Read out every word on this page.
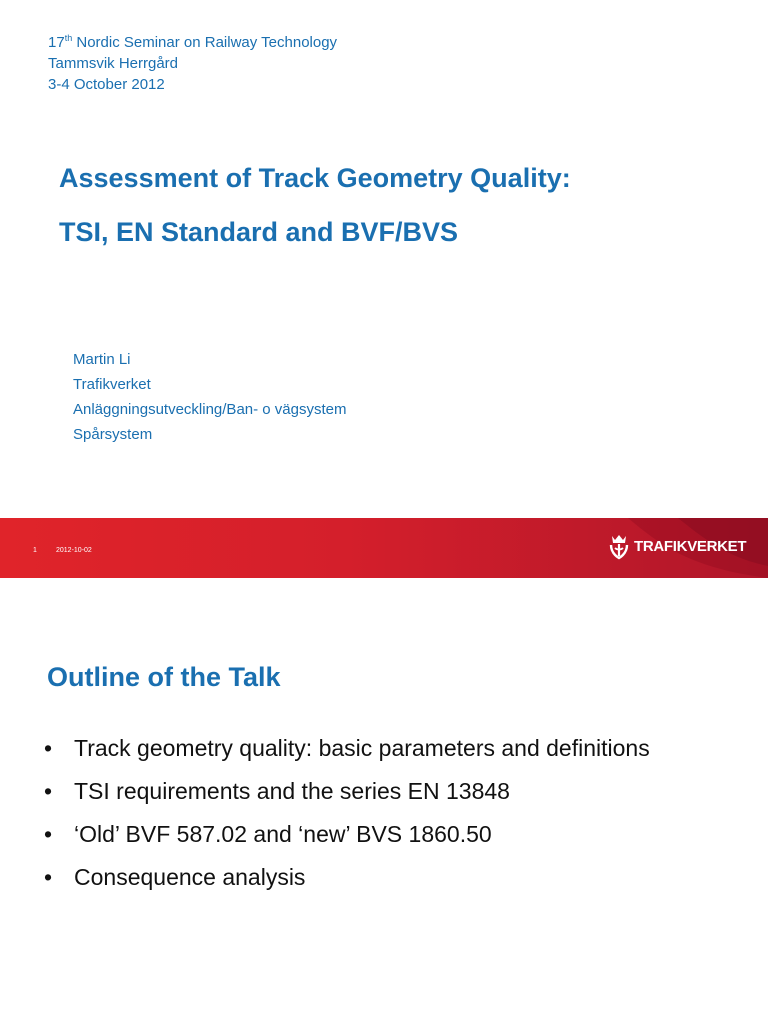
17th Nordic Seminar on Railway Technology
Tammsvik Herrgård
3-4 October 2012
Assessment of Track Geometry Quality:
TSI, EN Standard and BVF/BVS
Martin Li
Trafikverket
Anläggningsutveckling/Ban- o vägsystem
Spårsystem
1	2012-10-02	TRAFIKVERKET
Outline of the Talk
• Track geometry quality: basic parameters and definitions
• TSI requirements and the series EN 13848
• ‘Old’ BVF 587.02 and ‘new’ BVS 1860.50
• Consequence analysis
